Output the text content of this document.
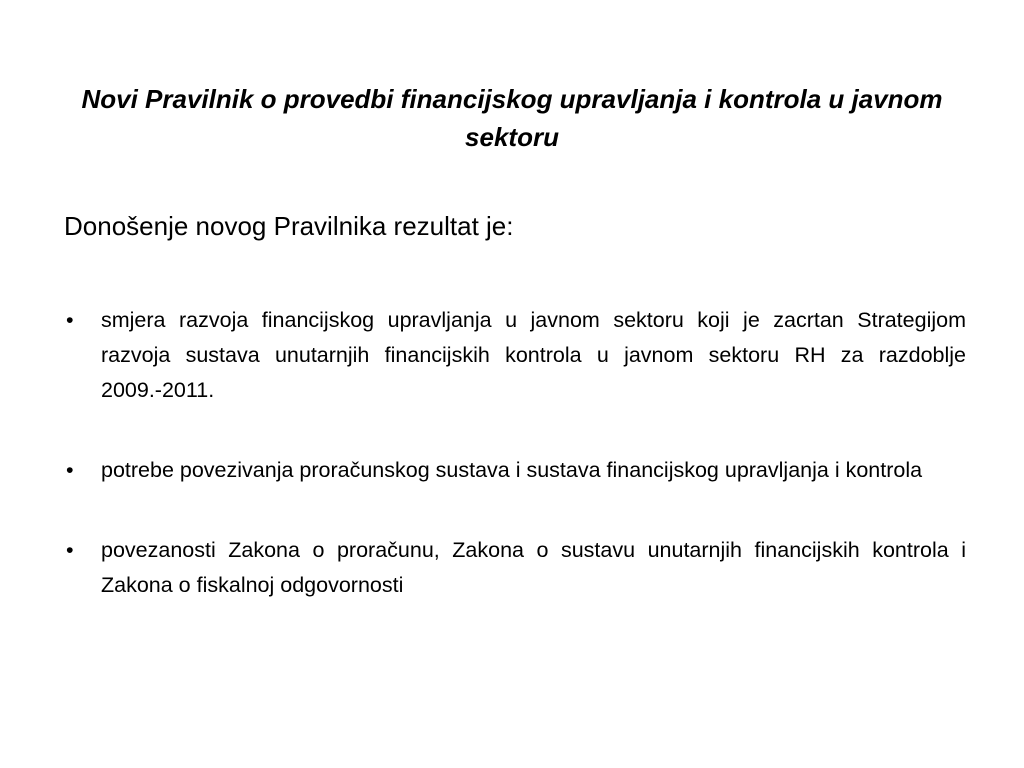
Novi Pravilnik o provedbi financijskog upravljanja i kontrola u javnom sektoru
Donošenje novog Pravilnika rezultat je:
•	smjera razvoja financijskog upravljanja u javnom sektoru koji je zacrtan Strategijom razvoja sustava unutarnjih financijskih kontrola u javnom sektoru RH za razdoblje 2009.-2011.
•	potrebe povezivanja proračunskog sustava i sustava financijskog upravljanja i kontrola
•	povezanosti Zakona o proračunu, Zakona o sustavu unutarnjih financijskih kontrola i Zakona o fiskalnoj odgovornosti
